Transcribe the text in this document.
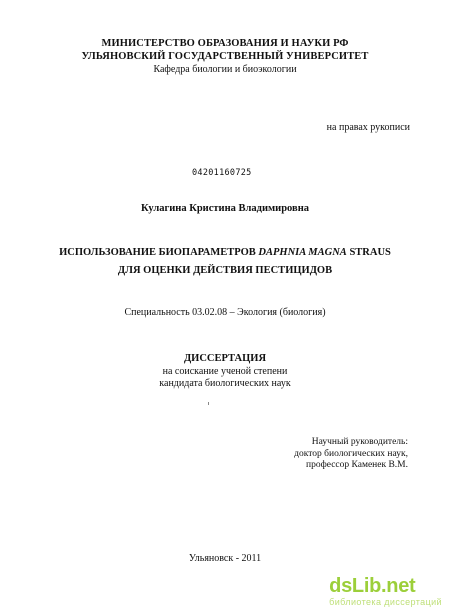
МИНИСТЕРСТВО ОБРАЗОВАНИЯ И НАУКИ РФ
УЛЬЯНОВСКИЙ ГОСУДАРСТВЕННЫЙ УНИВЕРСИТЕТ
Кафедра биологии и биоэкологии
на правах рукописи
04201160725
Кулагина Кристина Владимировна
ИСПОЛЬЗОВАНИЕ БИОПАРАМЕТРОВ DAPHNIA MAGNA STRAUS
ДЛЯ ОЦЕНКИ ДЕЙСТВИЯ ПЕСТИЦИДОВ
Специальность 03.02.08 – Экология (биология)
ДИССЕРТАЦИЯ
на соискание ученой степени
кандидата биологических наук
Научный руководитель:
доктор биологических наук,
профессор Каменек В.М.
Ульяновск - 2011
dsLib.net
библиотека диссертаций
